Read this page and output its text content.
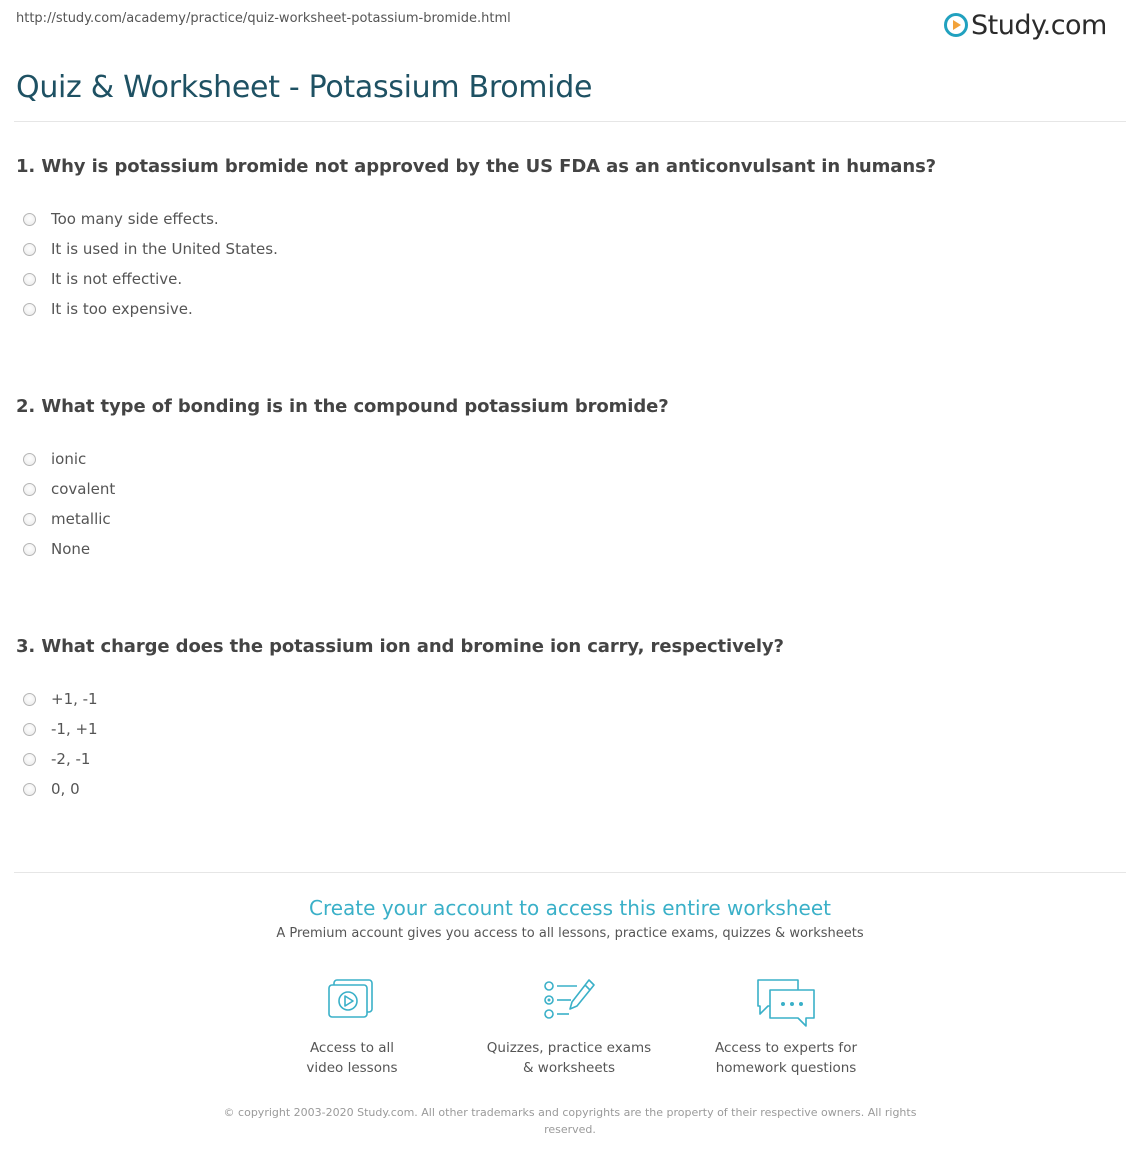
http://study.com/academy/practice/quiz-worksheet-potassium-bromide.html	Study.com
Quiz & Worksheet - Potassium Bromide
1. Why is potassium bromide not approved by the US FDA as an anticonvulsant in humans?
Too many side effects.
It is used in the United States.
It is not effective.
It is too expensive.
2. What type of bonding is in the compound potassium bromide?
ionic
covalent
metallic
None
3. What charge does the potassium ion and bromine ion carry, respectively?
+1, -1
-1, +1
-2, -1
0, 0
Create your account to access this entire worksheet
A Premium account gives you access to all lessons, practice exams, quizzes & worksheets
Access to all
video lessons
Quizzes, practice exams
& worksheets
Access to experts for
homework questions
© copyright 2003-2020 Study.com. All other trademarks and copyrights are the property of their respective owners. All rights
reserved.
